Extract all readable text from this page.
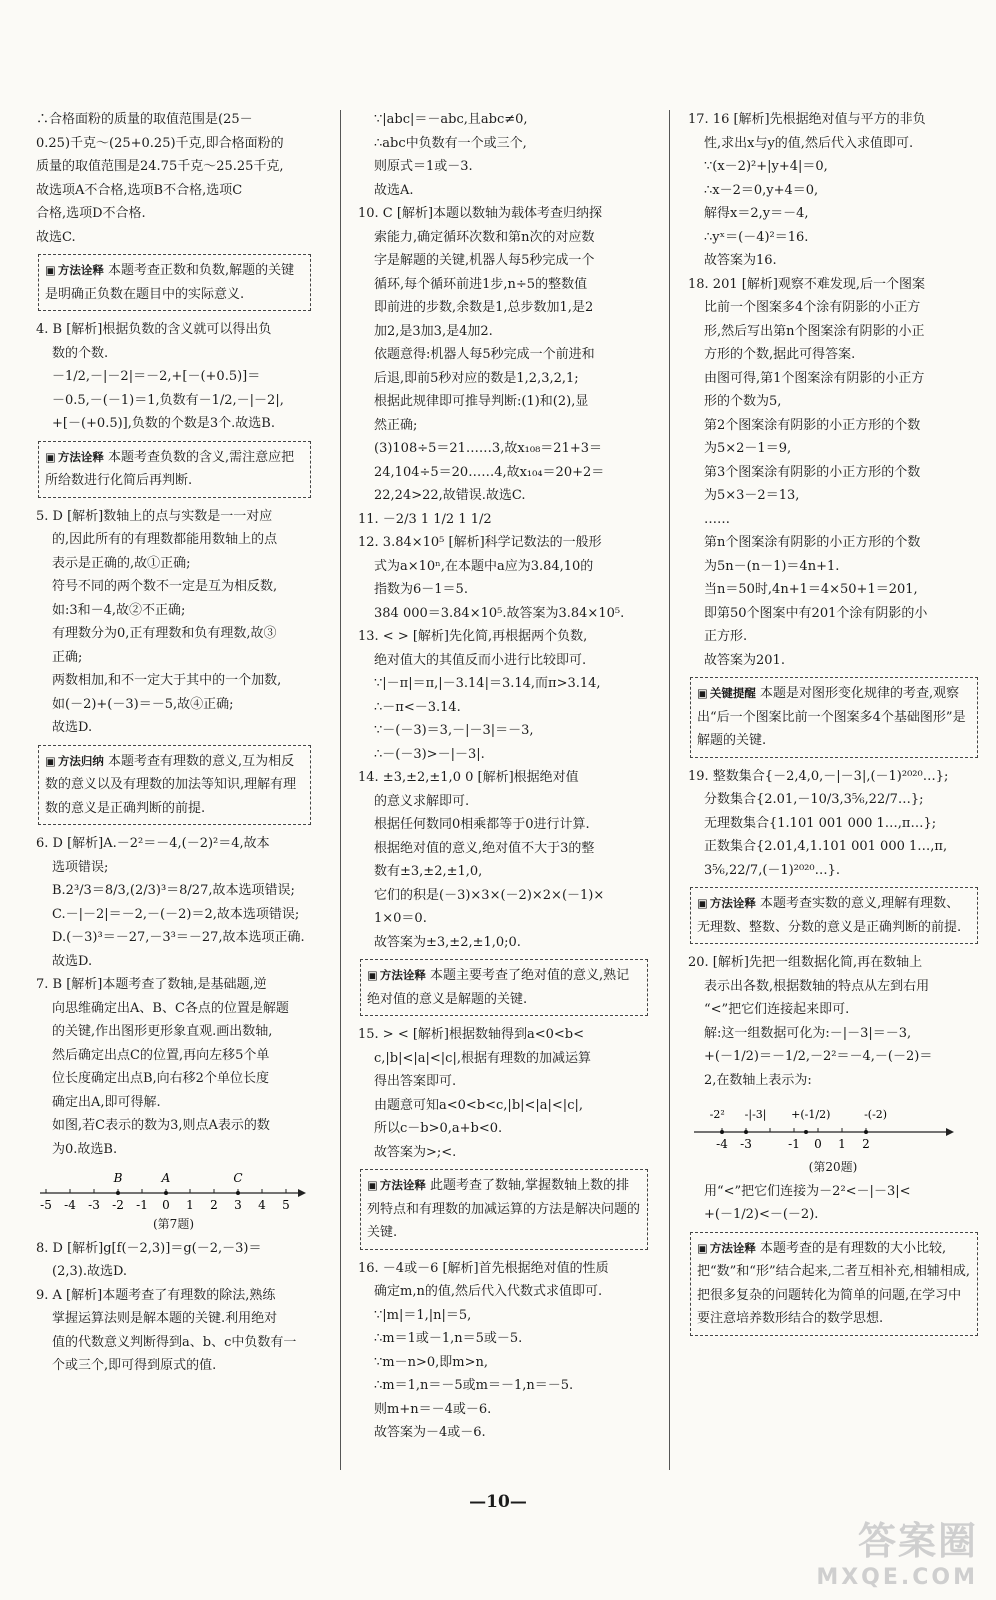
∴合格面粉的质量的取值范围是(25－
0.25)千克～(25+0.25)千克,即合格面粉的
质量的取值范围是24.75千克～25.25千克,
故选项A不合格,选项B不合格,选项C
合格,选项D不合格.
故选C.
▣ 方法诠释 本题考查正数和负数,解题的关键是明确正负数在题目中的实际意义.
4. B [解析]根据负数的含义就可以得出负
数的个数.
－1/2,－|－2|＝－2,+[－(+0.5)]＝
－0.5,－(－1)＝1,负数有－1/2,－|－2|,
+[－(+0.5)],负数的个数是3个.故选B.
▣ 方法诠释 本题考查负数的含义,需注意应把所给数进行化简后再判断.
5. D [解析]数轴上的点与实数是一一对应
的,因此所有的有理数都能用数轴上的点
表示是正确的,故①正确;
符号不同的两个数不一定是互为相反数,
如:3和－4,故②不正确;
有理数分为0,正有理数和负有理数,故③
正确;
两数相加,和不一定大于其中的一个加数,
如(－2)+(－3)＝－5,故④正确;
故选D.
▣ 方法归纳 本题考查有理数的意义,互为相反数的意义以及有理数的加法等知识,理解有理数的意义是正确判断的前提.
6. D [解析]A.－2²＝－4,(－2)²＝4,故本
选项错误;
B.2³/3＝8/3,(2/3)³＝8/27,故本选项错误;
C.－|－2|＝－2,－(－2)＝2,故本选项错误;
D.(－3)³＝－27,－3³＝－27,故本选项正确.
故选D.
7. B [解析]本题考查了数轴,是基础题,逆
向思维确定出A、B、C各点的位置是解题
的关键,作出图形更形象直观.画出数轴,
然后确定出点C的位置,再向左移5个单
位长度确定出点B,向右移2个单位长度
确定出A,即可得解.
如图,若C表示的数为3,则点A表示的数
为0.故选B.
-5 -4 -3 -2 -1 0 1 2 3 4 5
B	A	C
(第7题)
8. D [解析]g[f(－2,3)]＝g(－2,－3)＝
(2,3).故选D.
9. A [解析]本题考查了有理数的除法,熟练
掌握运算法则是解本题的关键.利用绝对
值的代数意义判断得到a、b、c中负数有一
个或三个,即可得到原式的值.
∵|abc|＝－abc,且abc≠0,
∴abc中负数有一个或三个,
则原式＝1或－3.
故选A.
10. C [解析]本题以数轴为载体考查归纳探
索能力,确定循环次数和第n次的对应数
字是解题的关键,机器人每5秒完成一个
循环,每个循环前进1步,n÷5的整数值
即前进的步数,余数是1,总步数加1,是2
加2,是3加3,是4加2.
依题意得:机器人每5秒完成一个前进和
后退,即前5秒对应的数是1,2,3,2,1;
根据此规律即可推导判断:(1)和(2),显
然正确;
(3)108÷5＝21……3,故x₁₀₈＝21+3＝
24,104÷5＝20……4,故x₁₀₄＝20+2＝
22,24>22,故错误.故选C.
11. －2/3 1 1/2 1 1/2
12. 3.84×10⁵ [解析]科学记数法的一般形
式为a×10ⁿ,在本题中a应为3.84,10的
指数为6－1＝5.
384 000＝3.84×10⁵.故答案为3.84×10⁵.
13. < > [解析]先化简,再根据两个负数,
绝对值大的其值反而小进行比较即可.
∵|－π|＝π,|－3.14|＝3.14,而π>3.14,
∴－π<－3.14.
∵－(－3)＝3,－|－3|＝－3,
∴－(－3)>－|－3|.
14. ±3,±2,±1,0 0 [解析]根据绝对值
的意义求解即可.
根据任何数同0相乘都等于0进行计算.
根据绝对值的意义,绝对值不大于3的整
数有±3,±2,±1,0,
它们的积是(－3)×3×(－2)×2×(－1)×
1×0＝0.
故答案为±3,±2,±1,0;0.
▣ 方法诠释 本题主要考查了绝对值的意义,熟记绝对值的意义是解题的关键.
15. > < [解析]根据数轴得到a<0<b<
c,|b|<|a|<|c|,根据有理数的加减运算
得出答案即可.
由题意可知a<0<b<c,|b|<|a|<|c|,
所以c－b>0,a+b<0.
故答案为>;<.
▣ 方法诠释 此题考查了数轴,掌握数轴上数的排列特点和有理数的加减运算的方法是解决问题的关键.
16. －4或－6 [解析]首先根据绝对值的性质
确定m,n的值,然后代入代数式求值即可.
∵|m|＝1,|n|＝5,
∴m＝1或－1,n＝5或－5.
∵m－n>0,即m>n,
∴m＝1,n＝－5或m＝－1,n＝－5.
则m+n＝－4或－6.
故答案为－4或－6.
17. 16 [解析]先根据绝对值与平方的非负
性,求出x与y的值,然后代入求值即可.
∵(x－2)²+|y+4|＝0,
∴x－2＝0,y+4＝0,
解得x＝2,y＝－4,
∴yˣ＝(－4)²＝16.
故答案为16.
18. 201 [解析]观察不难发现,后一个图案
比前一个图案多4个涂有阴影的小正方
形,然后写出第n个图案涂有阴影的小正
方形的个数,据此可得答案.
由图可得,第1个图案涂有阴影的小正方
形的个数为5,
第2个图案涂有阴影的小正方形的个数
为5×2－1＝9,
第3个图案涂有阴影的小正方形的个数
为5×3－2＝13,
……
第n个图案涂有阴影的小正方形的个数
为5n－(n－1)＝4n+1.
当n＝50时,4n+1＝4×50+1＝201,
即第50个图案中有201个涂有阴影的小
正方形.
故答案为201.
▣ 关键提醒 本题是对图形变化规律的考查,观察出“后一个图案比前一个图案多4个基础图形”是解题的关键.
19. 整数集合{－2,4,0,－|－3|,(－1)²⁰²⁰…};
分数集合{2.01,－10/3,3⅚,22/7…};
无理数集合{1.101 001 000 1…,π…};
正数集合{2.01,4,1.101 001 000 1…,π,
3⅚,22/7,(－1)²⁰²⁰…}.
▣ 方法诠释 本题考查实数的意义,理解有理数、无理数、整数、分数的意义是正确判断的前提.
20. [解析]先把一组数据化简,再在数轴上
表示出各数,根据数轴的特点从左到右用
“<”把它们连接起来即可.
解:这一组数据可化为:－|－3|＝－3,
+(－1/2)＝－1/2,－2²＝－4,－(－2)＝
2,在数轴上表示为:
-4 -3	-1 0 1 2
-2² -|-3| +(-1/2)	-(-2)
(第20题)
用“<”把它们连接为－2²<－|－3|<
+(－1/2)<－(－2).
▣ 方法诠释 本题考查的是有理数的大小比较,把“数”和“形”结合起来,二者互相补充,相辅相成,把很多复杂的问题转化为简单的问题,在学习中要注意培养数形结合的数学思想.
—10—
答案圈
MXQE.COM
